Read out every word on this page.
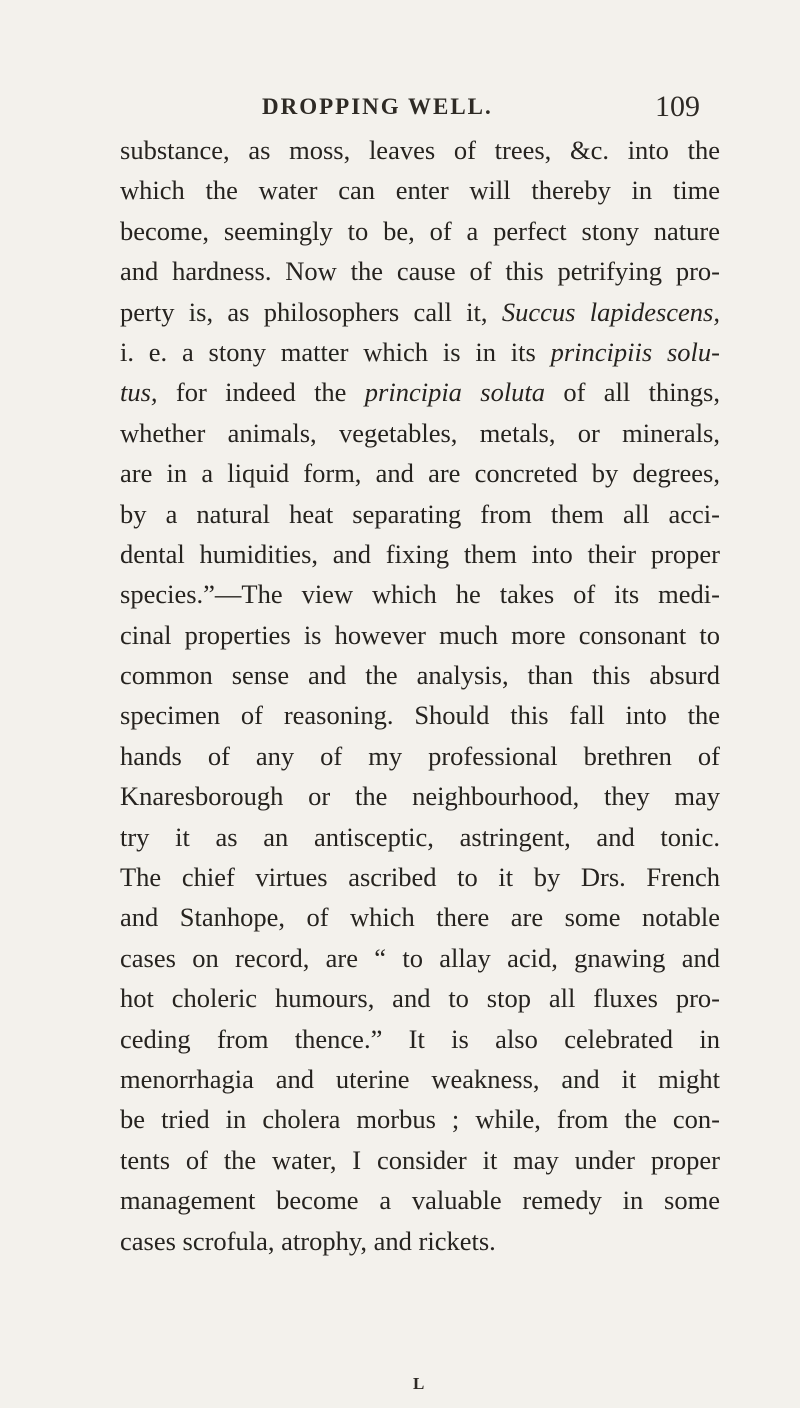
DROPPING WELL.	109
substance, as moss, leaves of trees, &c. into the
which the water can enter will thereby in time
become, seemingly to be, of a perfect stony nature
and hardness. Now the cause of this petrifying pro-
perty is, as philosophers call it, Succus lapidescens,
i. e. a stony matter which is in its principiis solu-
tus, for indeed the principia soluta of all things,
whether animals, vegetables, metals, or minerals,
are in a liquid form, and are concreted by degrees,
by a natural heat separating from them all acci-
dental humidities, and fixing them into their proper
species.”—The view which he takes of its medi-
cinal properties is however much more consonant to
common sense and the analysis, than this absurd
specimen of reasoning. Should this fall into the
hands of any of my professional brethren of
Knaresborough or the neighbourhood, they may
try it as an antisceptic, astringent, and tonic.
The chief virtues ascribed to it by Drs. French
and Stanhope, of which there are some notable
cases on record, are “ to allay acid, gnawing and
hot choleric humours, and to stop all fluxes pro-
ceding from thence.” It is also celebrated in
menorrhagia and uterine weakness, and it might
be tried in cholera morbus ; while, from the con-
tents of the water, I consider it may under proper
management become a valuable remedy in some
cases scrofula, atrophy, and rickets.
L
